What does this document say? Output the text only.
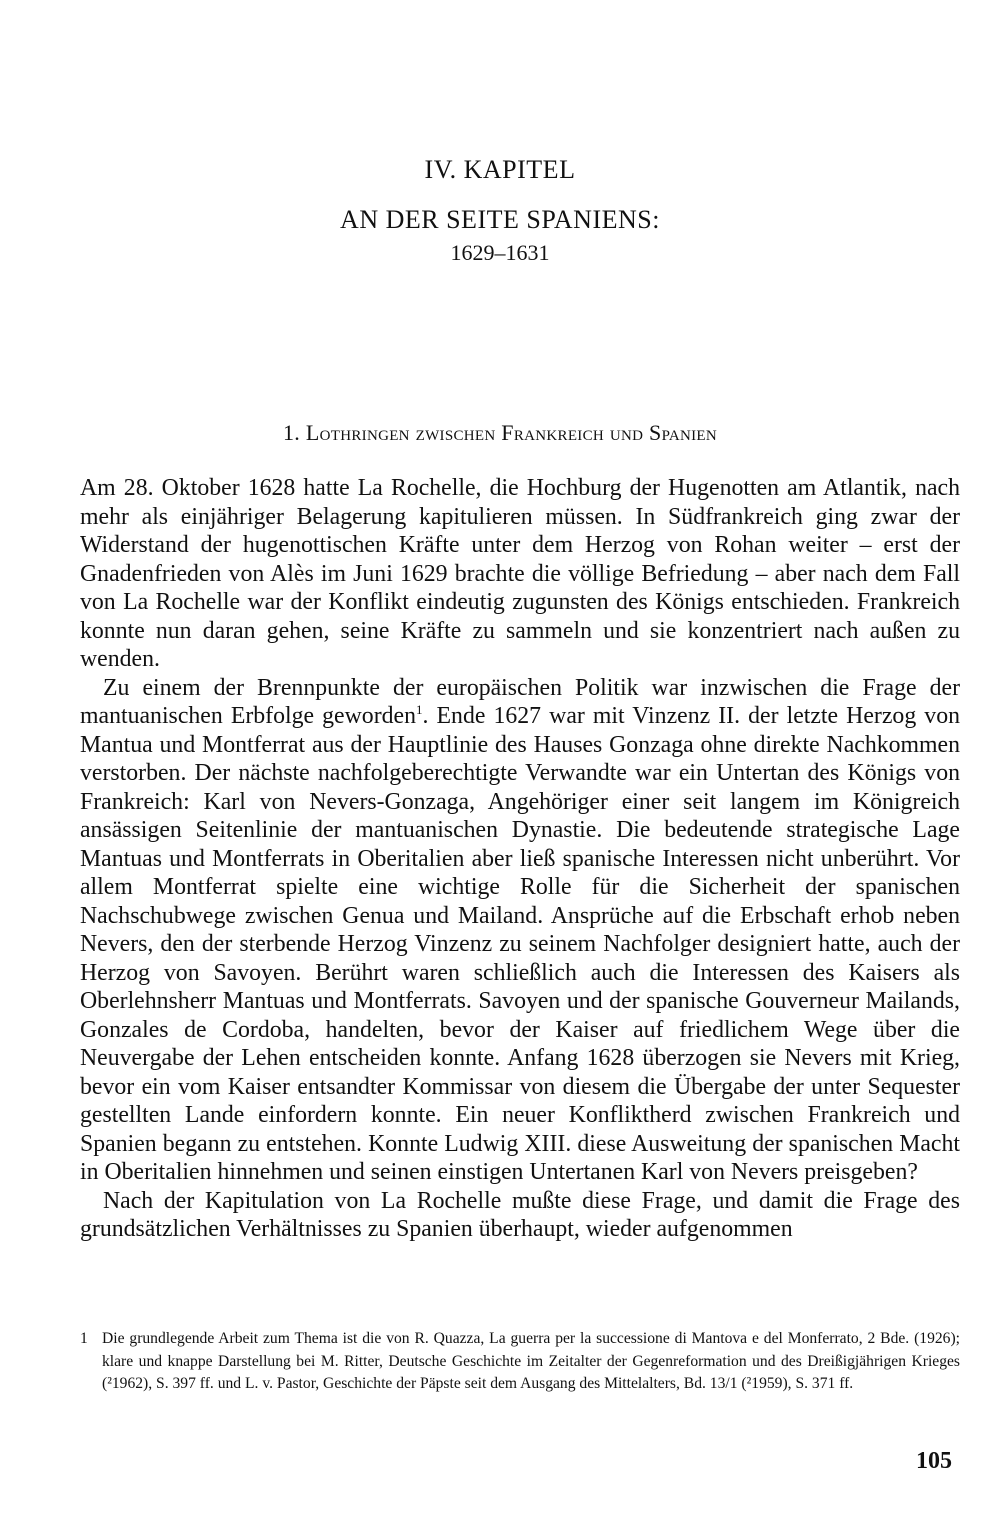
IV. KAPITEL
AN DER SEITE SPANIENS:
1629–1631
1. Lothringen zwischen Frankreich und Spanien

Am 28. Oktober 1628 hatte La Rochelle, die Hochburg der Hugenotten am Atlantik, nach mehr als einjähriger Belagerung kapitulieren müssen. In Südfrankreich ging zwar der Widerstand der hugenottischen Kräfte unter dem Herzog von Rohan weiter – erst der Gnadenfrieden von Alès im Juni 1629 brachte die völlige Befriedung – aber nach dem Fall von La Rochelle war der Konflikt eindeutig zugunsten des Königs entschieden. Frankreich konnte nun daran gehen, seine Kräfte zu sammeln und sie konzentriert nach außen zu wenden.

Zu einem der Brennpunkte der europäischen Politik war inzwischen die Frage der mantuanischen Erbfolge geworden$^1$. Ende 1627 war mit Vinzenz II. der letzte Herzog von Mantua und Montferrat aus der Hauptlinie des Hauses Gonzaga ohne direkte Nachkommen verstorben. Der nächste nachfolgeberechtigte Verwandte war ein Untertan des Königs von Frankreich: Karl von Nevers-Gonzaga, Angehöriger einer seit langem im Königreich ansässigen Seitenlinie der mantuanischen Dynastie. Die bedeutende strategische Lage Mantuas und Montferrats in Oberitalien aber ließ spanische Interessen nicht unberührt. Vor allem Montferrat spielte eine wichtige Rolle für die Sicherheit der spanischen Nachschubwege zwischen Genua und Mailand. Ansprüche auf die Erbschaft erhob neben Nevers, den der sterbende Herzog Vinzenz zu seinem Nachfolger designiert hatte, auch der Herzog von Savoyen. Berührt waren schließlich auch die Interessen des Kaisers als Oberlehnsherr Mantuas und Montferrats. Savoyen und der spanische Gouverneur Mailands, Gonzales de Cordoba, handelten, bevor der Kaiser auf friedlichem Wege über die Neuvergabe der Lehen entscheiden konnte. Anfang 1628 überzogen sie Nevers mit Krieg, bevor ein vom Kaiser entsandter Kommissar von diesem die Übergabe der unter Sequester gestellten Lande einfordern konnte. Ein neuer Konfliktherd zwischen Frankreich und Spanien begann zu entstehen. Konnte Ludwig XIII. diese Ausweitung der spanischen Macht in Oberitalien hinnehmen und seinen einstigen Untertanen Karl von Nevers preisgeben?

Nach der Kapitulation von La Rochelle mußte diese Frage, und damit die Frage des grundsätzlichen Verhältnisses zu Spanien überhaupt, wieder aufgenommen

1 Die grundlegende Arbeit zum Thema ist die von R. Quazza, La guerra per la successione di Mantova e del Monferrato, 2 Bde. (1926); klare und knappe Darstellung bei M. Ritter, Deutsche Geschichte im Zeitalter der Gegenreformation und des Dreißigjährigen Krieges (²1962), S. 397 ff. und L. v. Pastor, Geschichte der Päpste seit dem Ausgang des Mittelalters, Bd. 13/1 (²1959), S. 371 ff.
105
